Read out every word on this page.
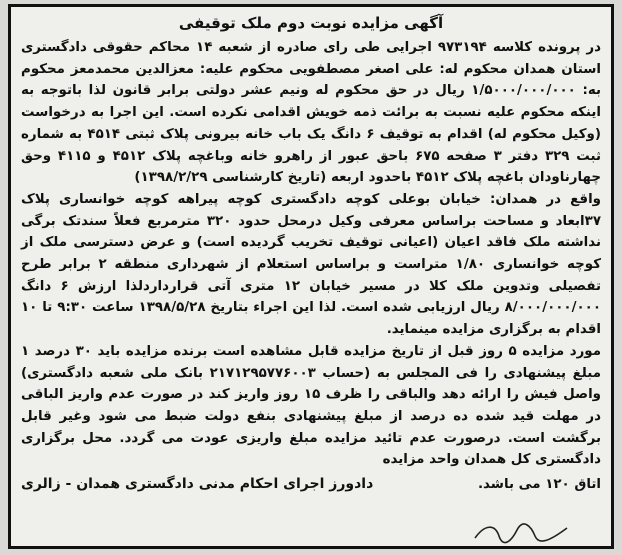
آگهی مزایده نوبت دوم ملک توقیفی

در پرونده کلاسه ۹۷۳۱۹۴ اجرایی طی رای صادره از شعبه ۱۴ محاکم حقوقی دادگستری استان همدان محکوم له: علی اصغر مصطفویی محکوم علیه: معزالدین محمدمعز محکوم به: ۱/۵۰۰۰/۰۰۰/۰۰۰ ریال در حق محکوم له ونیم عشر دولتی برابر قانون لذا باتوجه به اینکه محکوم علیه نسبت به برائت ذمه خویش اقدامی نکرده است. این اجرا به درخواست (وکیل محکوم له) اقدام به توقیف ۶ دانگ یک باب خانه بیرونی پلاک ثبتی ۴۵۱۴ به شماره ثبت ۳۲۹ دفتر ۳ صفحه ۶۷۵ باحق عبور از راهرو خانه وباغچه پلاک ۴۵۱۲ و ۴۱۱۵ وحق چهارناودان باغچه پلاک ۴۵۱۲ باحدود اربعه (تاریخ کارشناسی ۱۳۹۸/۲/۲۹)

واقع در همدان: خیابان بوعلی کوچه دادگستری کوچه پیراهه کوچه خوانساری پلاک ۳۷ابعاد و مساحت براساس معرفی وکیل درمحل حدود ۳۲۰ مترمربع فعلاً سندتک برگی نداشته ملک فاقد اعیان (اعیانی توقیف تخریب گردیده است) و عرض دسترسی ملک از کوچه خوانساری ۱/۸۰ متراست و براساس استعلام از شهرداری منطقه ۲ برابر طرح تفصیلی وتدوین ملک کلا در مسیر خیابان ۱۲ متری آتی قرارداردلذا ارزش ۶ دانگ ۸/۰۰۰/۰۰۰/۰۰۰ ریال ارزیابی شده است. لذا این اجراء بتاریخ ۱۳۹۸/۵/۲۸ ساعت ۹:۳۰ تا ۱۰ اقدام به برگزاری مزایده مینماید.

مورد مزایده ۵ روز قبل از تاریخ مزایده قابل مشاهده است برنده مزایده باید ۳۰ درصد ۱ مبلغ پیشنهادی را فی المجلس به (حساب ۲۱۷۱۲۹۵۷۷۶۰۰۳ بانک ملی شعبه دادگستری) واصل فیش را ارائه دهد والباقی را ظرف ۱۵ روز واریز کند در صورت عدم واریز الباقی در مهلت قید شده ده درصد از مبلغ پیشنهادی بنفع دولت ضبط می شود وغیر قابل برگشت است. درصورت عدم تائید مزایده مبلغ واریزی عودت می گردد. محل برگزاری دادگستری کل همدان واحد مزایده

اتاق ۱۲۰ می باشد.
دادورز اجرای احکام مدنی دادگستری همدان - زالری
